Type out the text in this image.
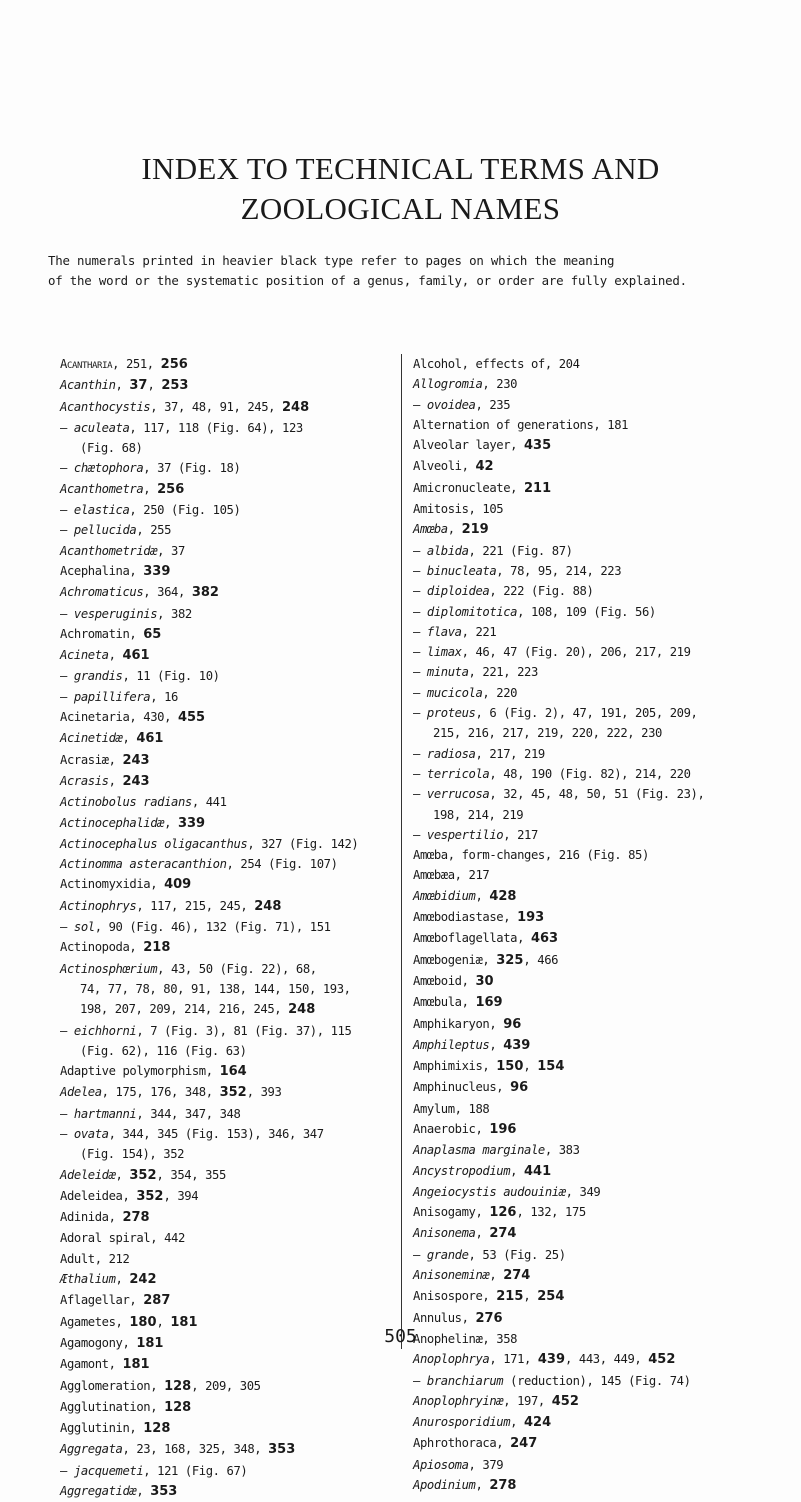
INDEX TO TECHNICAL TERMS AND
ZOOLOGICAL NAMES
The numerals printed in heavier black type refer to pages on which the meaning
of the word or the systematic position of a genus, family, or order are fully explained.
Acantharia, 251, 256
Acanthin, 37, 253
Acanthocystis, 37, 48, 91, 245, 248
— aculeata, 117, 118 (Fig. 64), 123
(Fig. 68)
— chætophora, 37 (Fig. 18)
Acanthometra, 256
— elastica, 250 (Fig. 105)
— pellucida, 255
Acanthometridæ, 37
Acephalina, 339
Achromaticus, 364, 382
— vesperuginis, 382
Achromatin, 65
Acineta, 461
— grandis, 11 (Fig. 10)
— papillifera, 16
Acinetaria, 430, 455
Acinetidæ, 461
Acrasiæ, 243
Acrasis, 243
Actinobolus radians, 441
Actinocephalidæ, 339
Actinocephalus oligacanthus, 327 (Fig. 142)
Actinomma asteracanthion, 254 (Fig. 107)
Actinomyxidia, 409
Actinophrys, 117, 215, 245, 248
— sol, 90 (Fig. 46), 132 (Fig. 71), 151
Actinopoda, 218
Actinosphœrium, 43, 50 (Fig. 22), 68,
74, 77, 78, 80, 91, 138, 144, 150, 193,
198, 207, 209, 214, 216, 245, 248
— eichhorni, 7 (Fig. 3), 81 (Fig. 37), 115
(Fig. 62), 116 (Fig. 63)
Adaptive polymorphism, 164
Adelea, 175, 176, 348, 352, 393
— hartmanni, 344, 347, 348
— ovata, 344, 345 (Fig. 153), 346, 347
(Fig. 154), 352
Adeleidæ, 352, 354, 355
Adeleidea, 352, 394
Adinida, 278
Adoral spiral, 442
Adult, 212
Æthalium, 242
Aflagellar, 287
Agametes, 180, 181
Agamogony, 181
Agamont, 181
Agglomeration, 128, 209, 305
Agglutination, 128
Agglutinin, 128
Aggregata, 23, 168, 325, 348, 353
— jacquemeti, 121 (Fig. 67)
Aggregatidæ, 353
Alcohol, effects of, 204
Allogromia, 230
— ovoidea, 235
Alternation of generations, 181
Alveolar layer, 435
Alveoli, 42
Amicronucleate, 211
Amitosis, 105
Amœba, 219
— albida, 221 (Fig. 87)
— binucleata, 78, 95, 214, 223
— diploidea, 222 (Fig. 88)
— diplomitotica, 108, 109 (Fig. 56)
— flava, 221
— limax, 46, 47 (Fig. 20), 206, 217, 219
— minuta, 221, 223
— mucicola, 220
— proteus, 6 (Fig. 2), 47, 191, 205, 209,
215, 216, 217, 219, 220, 222, 230
— radiosa, 217, 219
— terricola, 48, 190 (Fig. 82), 214, 220
— verrucosa, 32, 45, 48, 50, 51 (Fig. 23),
198, 214, 219
— vespertilio, 217
Amœba, form-changes, 216 (Fig. 85)
Amœbæa, 217
Amœbidium, 428
Amœbodiastase, 193
Amœboflagellata, 463
Amœbogeniæ, 325, 466
Amœboid, 30
Amœbula, 169
Amphikaryon, 96
Amphileptus, 439
Amphimixis, 150, 154
Amphinucleus, 96
Amylum, 188
Anaerobic, 196
Anaplasma marginale, 383
Ancystropodium, 441
Angeiocystis audouiniæ, 349
Anisogamy, 126, 132, 175
Anisonema, 274
— grande, 53 (Fig. 25)
Anisoneminæ, 274
Anisospore, 215, 254
Annulus, 276
Anophelinæ, 358
Anoplophrya, 171, 439, 443, 449, 452
— branchiarum (reduction), 145 (Fig. 74)
Anoplophryinæ, 197, 452
Anurosporidium, 424
Aphrothoraca, 247
Apiosoma, 379
Apodinium, 278
505
